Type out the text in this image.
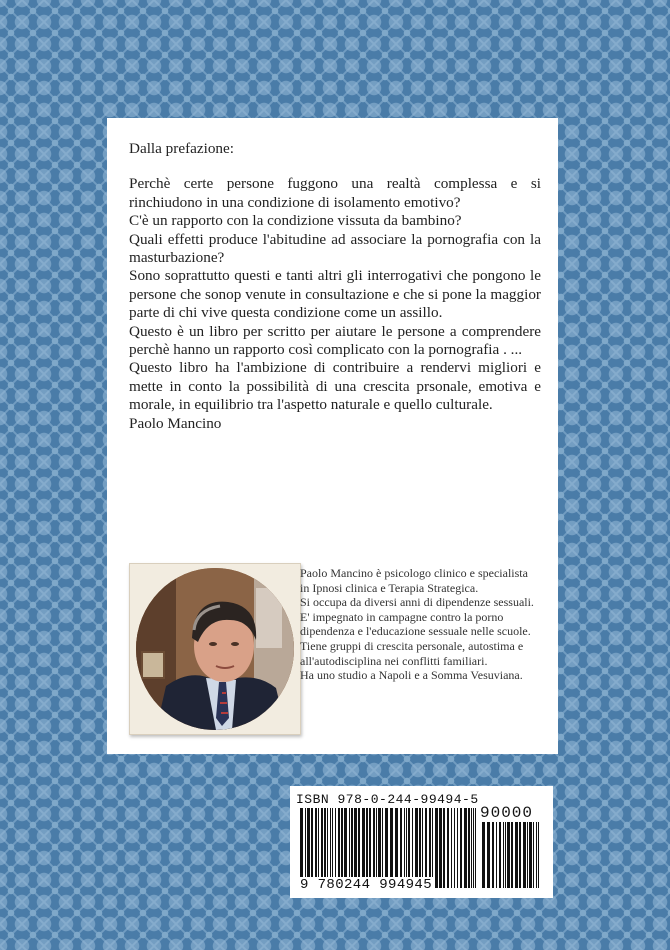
Dalla prefazione:

Perchè certe persone fuggono una realtà complessa e si rinchiudono in una condizione di isolamento emotivo?

C'è un rapporto con la condizione vissuta da bambino?

Quali effetti produce l'abitudine ad associare la pornografia con la masturbazione?

Sono soprattutto questi e tanti altri gli interrogativi che pongono le persone che sonop venute in consultazione e che si pone la maggior parte di chi vive questa condizione come un assillo.

Questo è un libro per scritto per aiutare le persone a comprendere perchè hanno un rapporto così complicato con la pornografia . ...

Questo libro ha l'ambizione di contribuire a rendervi migliori e mette in conto la possibilità di una crescita prsonale, emotiva e morale, in equilibrio tra l'aspetto naturale e quello culturale.

Paolo Mancino

Paolo Mancino è psicologo clinico e specialista in Ipnosi clinica e Terapia Strategica.

Si occupa da diversi anni di dipendenze sessuali.

E' impegnato in campagne contro la porno dipendenza e l'educazione sessuale nelle scuole. Tiene gruppi di crescita personale, autostima e all'autodisciplina nei conflitti familiari.

Ha uno studio a Napoli e a Somma Vesuviana.

ISBN 978-0-244-99494-5
90000
9 780244 994945
